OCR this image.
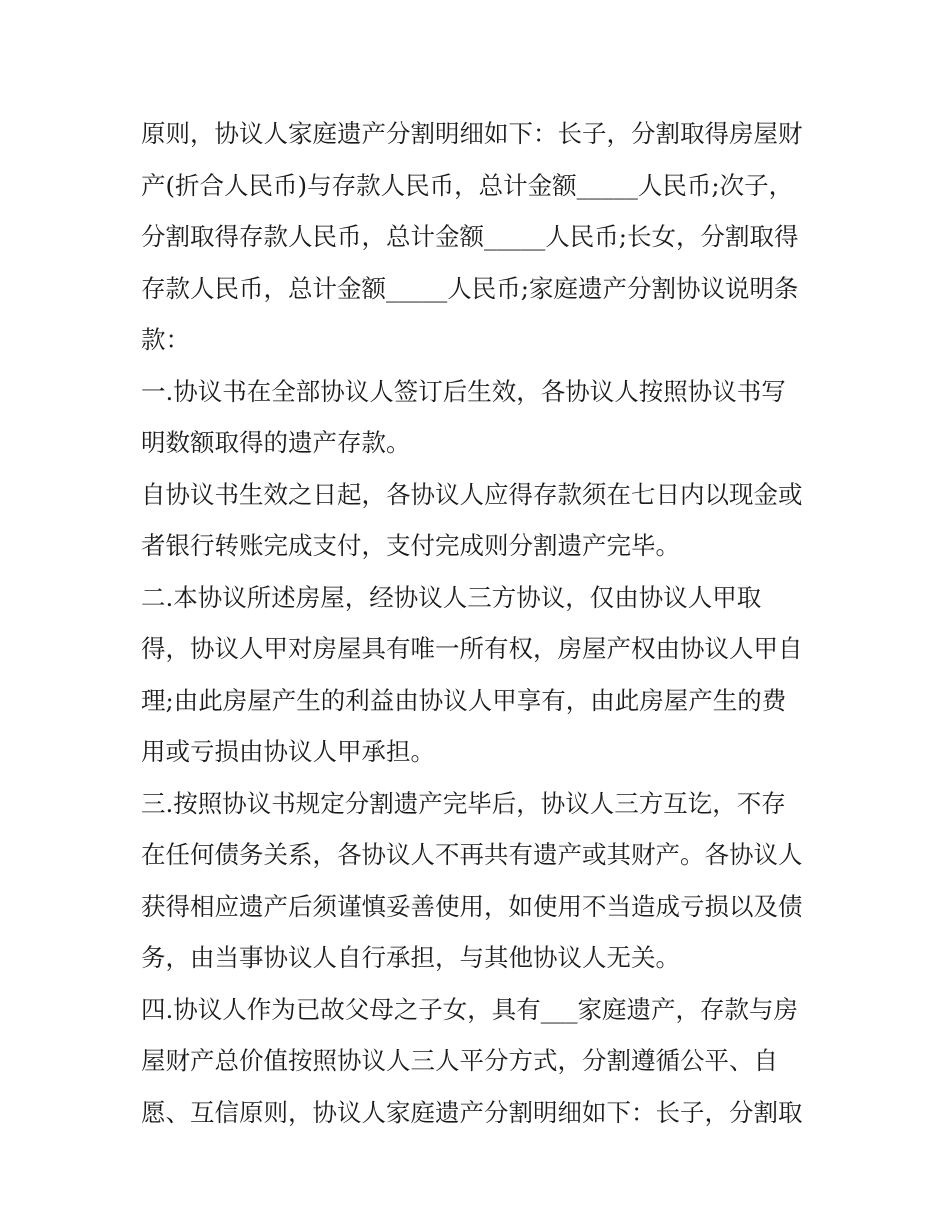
原则，协议人家庭遗产分割明细如下：长子，分割取得房屋财
产(折合人民币)与存款人民币，总计金额_____人民币;次子，
分割取得存款人民币，总计金额_____人民币;长女，分割取得
存款人民币，总计金额_____人民币;家庭遗产分割协议说明条
款：
一.协议书在全部协议人签订后生效，各协议人按照协议书写
明数额取得的遗产存款。
自协议书生效之日起，各协议人应得存款须在七日内以现金或
者银行转账完成支付，支付完成则分割遗产完毕。
二.本协议所述房屋，经协议人三方协议，仅由协议人甲取
得，协议人甲对房屋具有唯一所有权，房屋产权由协议人甲自
理;由此房屋产生的利益由协议人甲享有，由此房屋产生的费
用或亏损由协议人甲承担。
三.按照协议书规定分割遗产完毕后，协议人三方互讫，不存
在任何债务关系，各协议人不再共有遗产或其财产。各协议人
获得相应遗产后须谨慎妥善使用，如使用不当造成亏损以及债
务，由当事协议人自行承担，与其他协议人无关。
四.协议人作为已故父母之子女，具有___家庭遗产，存款与房
屋财产总价值按照协议人三人平分方式，分割遵循公平、自
愿、互信原则，协议人家庭遗产分割明细如下：长子，分割取
